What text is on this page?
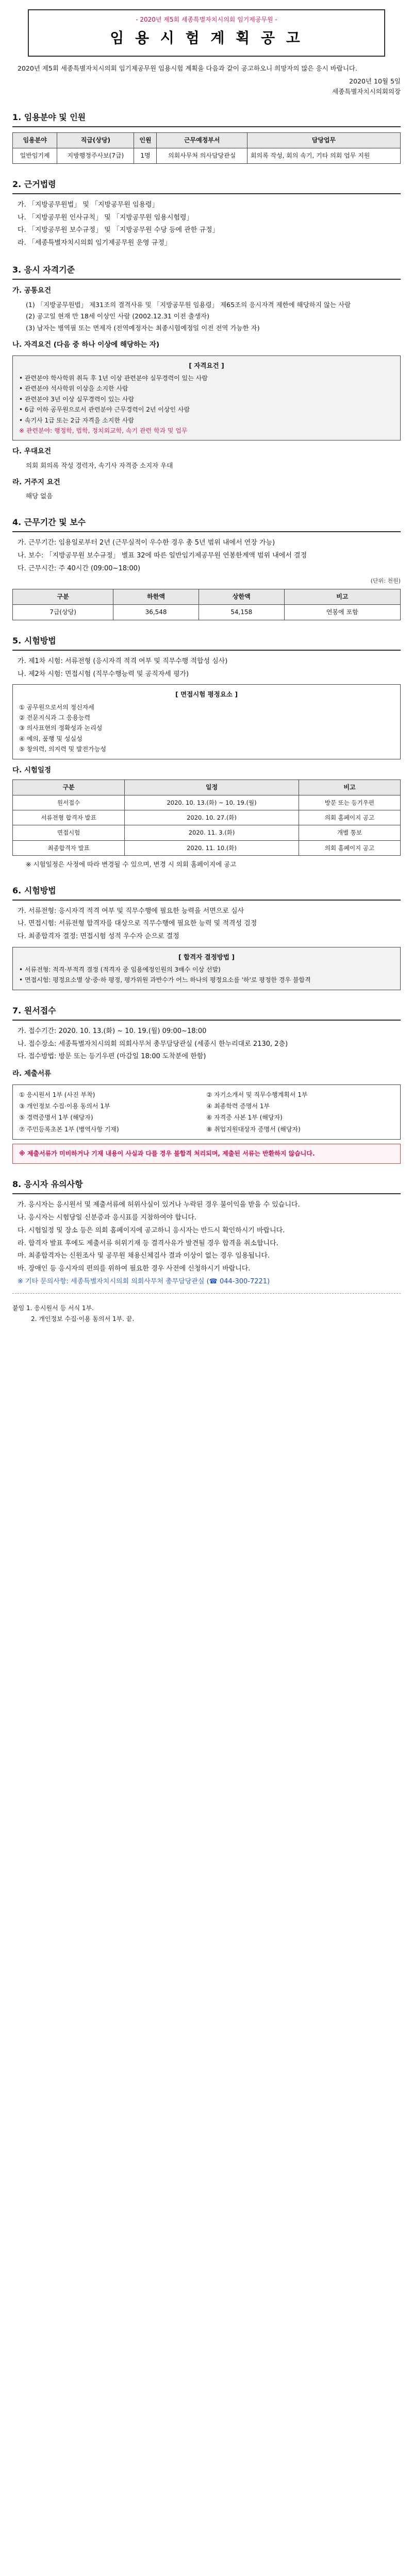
- 2020년 제5회 세종특별자치시의회 임기제공무원 -
임 용 시 험 계 획 공 고

2020년 제5회 세종특별자치시의회 임기제공무원 임용시험 계획을 다음과 같이 공고하오니 희망자의 많은 응시 바랍니다.

2020년 10월 5일
세종특별자치시의회의장
1. 임용분야 및 인원
임용분야	직급(상당)	인원	근무예정부서	담당업무
일반임기제	지방행정주사보(7급)	1명	의회사무처 의사담당관실	회의록 작성, 회의 속기, 기타 의회 업무 지원
2. 근거법령

가. 「지방공무원법」 및 「지방공무원 임용령」

나. 「지방공무원 인사규칙」 및 「지방공무원 임용시험령」

다. 「지방공무원 보수규정」 및 「지방공무원 수당 등에 관한 규정」

라. 「세종특별자치시의회 임기제공무원 운영 규정」

3. 응시 자격기준
가. 공통요건

(1) 「지방공무원법」 제31조의 결격사유 및 「지방공무원 임용령」 제65조의 응시자격 제한에 해당하지 않는 사람

(2) 공고일 현재 만 18세 이상인 사람 (2002.12.31 이전 출생자)

(3) 남자는 병역필 또는 면제자 (전역예정자는 최종시험예정일 이전 전역 가능한 자)

나. 자격요건 (다음 중 하나 이상에 해당하는 자)
[ 자격요건 ]
• 관련분야 학사학위 취득 후 1년 이상 관련분야 실무경력이 있는 사람
• 관련분야 석사학위 이상을 소지한 사람
• 관련분야 3년 이상 실무경력이 있는 사람
• 6급 이하 공무원으로서 관련분야 근무경력이 2년 이상인 사람
• 속기사 1급 또는 2급 자격을 소지한 사람
※ 관련분야: 행정학, 법학, 정치외교학, 속기 관련 학과 및 업무
다. 우대요건

의회 회의록 작성 경력자, 속기사 자격증 소지자 우대

라. 거주지 요건

해당 없음

4. 근무기간 및 보수

가. 근무기간: 임용일로부터 2년 (근무실적이 우수한 경우 총 5년 범위 내에서 연장 가능)

나. 보수: 「지방공무원 보수규정」 별표 32에 따른 일반임기제공무원 연봉한계액 범위 내에서 결정

다. 근무시간: 주 40시간 (09:00~18:00)

(단위: 천원)
구분	하한액	상한액	비고
7급(상당)	36,548	54,158	연봉에 포함
5. 시험방법

가. 제1차 시험: 서류전형 (응시자격 적격 여부 및 직무수행 적합성 심사)

나. 제2차 시험: 면접시험 (직무수행능력 및 공직자세 평가)

[ 면접시험 평정요소 ]
① 공무원으로서의 정신자세
② 전문지식과 그 응용능력
③ 의사표현의 정확성과 논리성
④ 예의, 품행 및 성실성
⑤ 창의력, 의지력 및 발전가능성
다. 시험일정
구분	일정	비고
원서접수	2020. 10. 13.(화) ~ 10. 19.(월)	방문 또는 등기우편
서류전형 합격자 발표	2020. 10. 27.(화)	의회 홈페이지 공고
면접시험	2020. 11. 3.(화)	개별 통보
최종합격자 발표	2020. 11. 10.(화)	의회 홈페이지 공고

※ 시험일정은 사정에 따라 변경될 수 있으며, 변경 시 의회 홈페이지에 공고

6. 시험방법

가. 서류전형: 응시자격 적격 여부 및 직무수행에 필요한 능력을 서면으로 심사

나. 면접시험: 서류전형 합격자를 대상으로 직무수행에 필요한 능력 및 적격성 검정

다. 최종합격자 결정: 면접시험 성적 우수자 순으로 결정

[ 합격자 결정방법 ]
• 서류전형: 적격·부적격 결정 (적격자 중 임용예정인원의 3배수 이상 선발)
• 면접시험: 평정요소별 상·중·하 평정, 평가위원 과반수가 어느 하나의 평정요소를 '하'로 평정한 경우 불합격
7. 원서접수

가. 접수기간: 2020. 10. 13.(화) ~ 10. 19.(월) 09:00~18:00

나. 접수장소: 세종특별자치시의회 의회사무처 총무담당관실 (세종시 한누리대로 2130, 2층)

다. 접수방법: 방문 또는 등기우편 (마감일 18:00 도착분에 한함)

라. 제출서류
① 응시원서 1부 (사진 부착)	② 자기소개서 및 직무수행계획서 1부
③ 개인정보 수집·이용 동의서 1부	④ 최종학력 증명서 1부
⑤ 경력증명서 1부 (해당자)	⑥ 자격증 사본 1부 (해당자)
⑦ 주민등록초본 1부 (병역사항 기재)	⑧ 취업지원대상자 증명서 (해당자)
※ 제출서류가 미비하거나 기재 내용이 사실과 다를 경우 불합격 처리되며, 제출된 서류는 반환하지 않습니다.
8. 응시자 유의사항

가. 응시자는 응시원서 및 제출서류에 허위사실이 있거나 누락된 경우 불이익을 받을 수 있습니다.

나. 응시자는 시험당일 신분증과 응시표를 지참하여야 합니다.

다. 시험일정 및 장소 등은 의회 홈페이지에 공고하니 응시자는 반드시 확인하시기 바랍니다.

라. 합격자 발표 후에도 제출서류 허위기재 등 결격사유가 발견될 경우 합격을 취소합니다.

마. 최종합격자는 신원조사 및 공무원 채용신체검사 결과 이상이 없는 경우 임용됩니다.

바. 장애인 등 응시자의 편의를 위하여 필요한 경우 사전에 신청하시기 바랍니다.

※ 기타 문의사항: 세종특별자치시의회 의회사무처 총무담당관실 (☎ 044-300-7221)

붙임 1. 응시원서 등 서식 1부.
2. 개인정보 수집·이용 동의서 1부. 끝.
